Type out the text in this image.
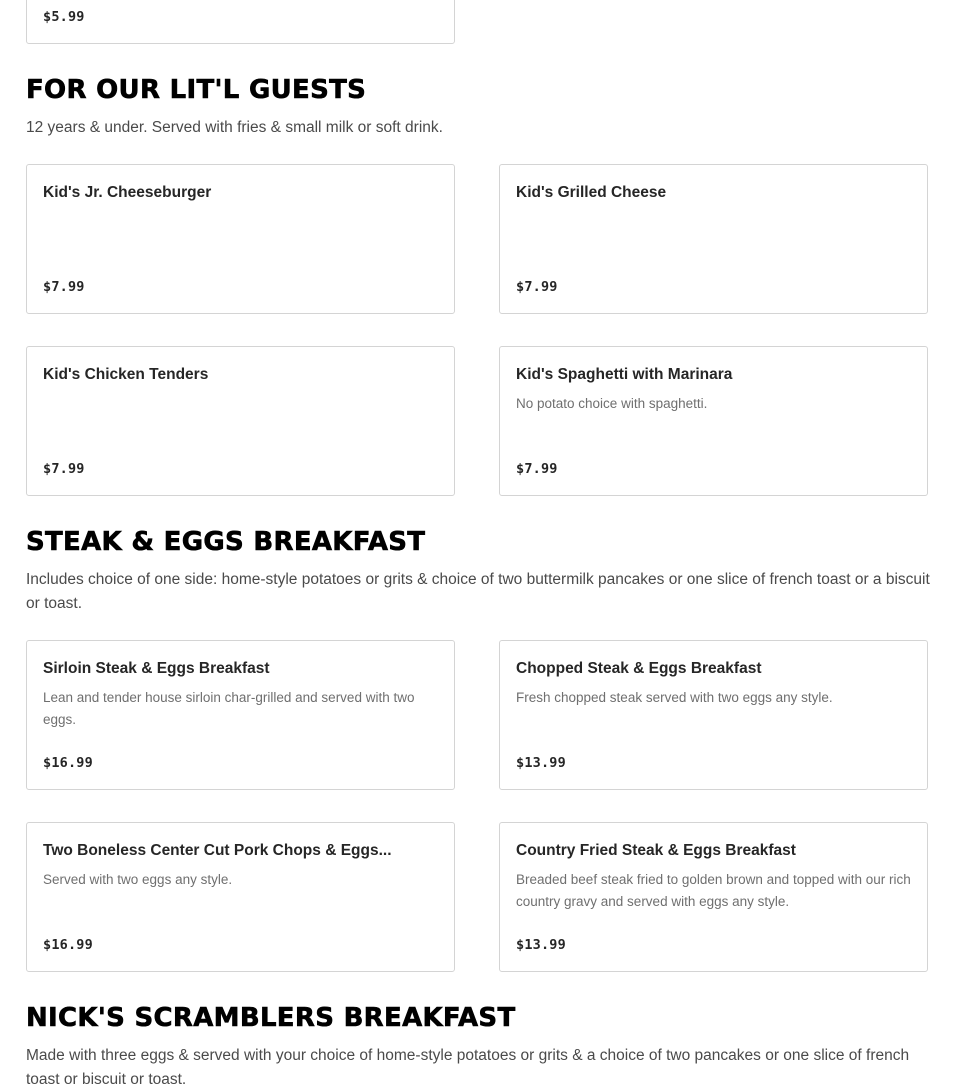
$5.99
FOR OUR LIT'L GUESTS

12 years & under. Served with fries & small milk or soft drink.

Kid's Jr. Cheeseburger
$7.99
Kid's Grilled Cheese
$7.99
Kid's Chicken Tenders
$7.99
Kid's Spaghetti with Marinara
No potato choice with spaghetti.
$7.99
STEAK & EGGS BREAKFAST

Includes choice of one side: home-style potatoes or grits & choice of two buttermilk pancakes or one slice of french toast or a biscuit or toast.

Sirloin Steak & Eggs Breakfast
Lean and tender house sirloin char-grilled and served with two eggs.
$16.99
Chopped Steak & Eggs Breakfast
Fresh chopped steak served with two eggs any style.
$13.99
Two Boneless Center Cut Pork Chops & Eggs...
Served with two eggs any style.
$16.99
Country Fried Steak & Eggs Breakfast
Breaded beef steak fried to golden brown and topped with our rich country gravy and served with eggs any style.
$13.99
NICK'S SCRAMBLERS BREAKFAST

Made with three eggs & served with your choice of home-style potatoes or grits & a choice of two pancakes or one slice of french toast or biscuit or toast.
